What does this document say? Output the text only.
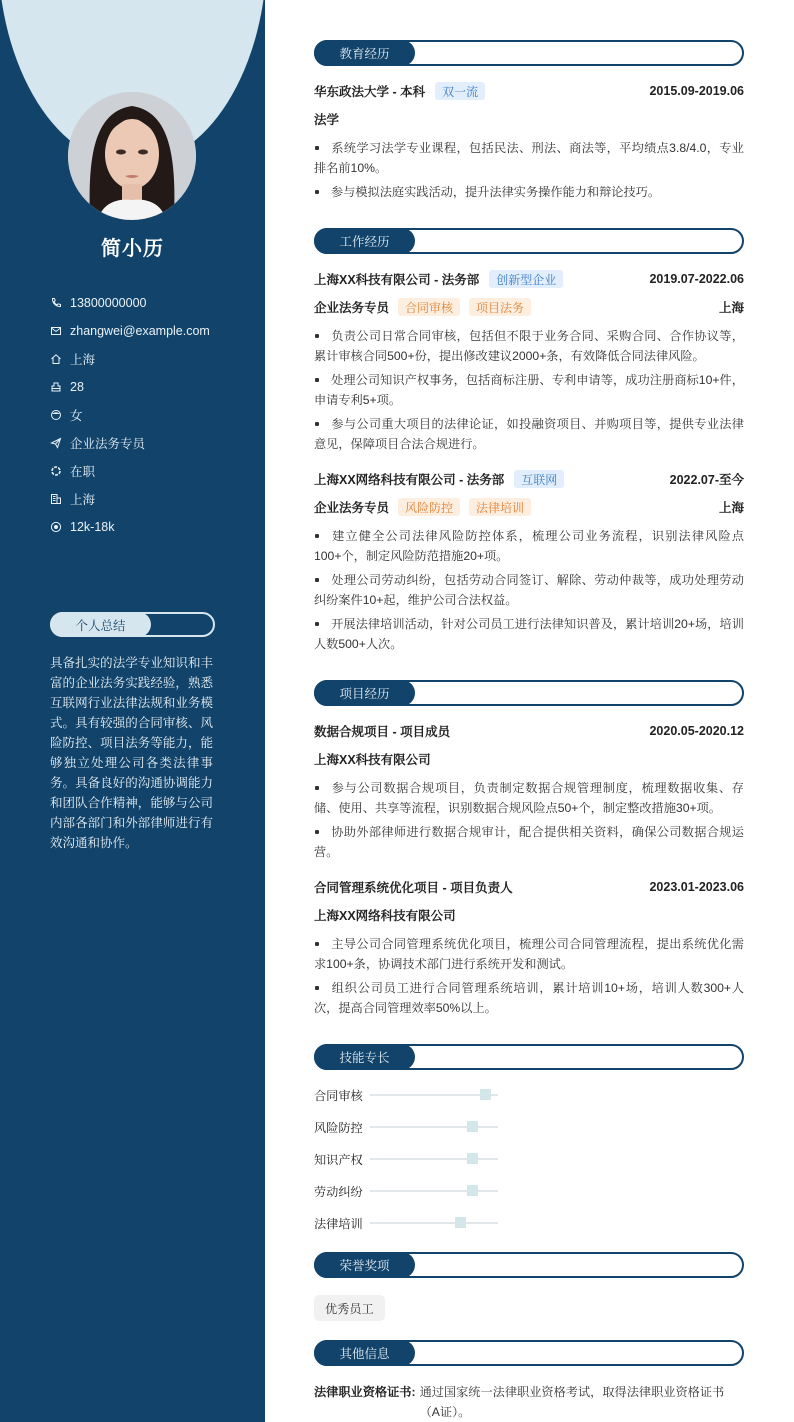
简小历
13800000000
zhangwei@example.com
上海
28
女
企业法务专员
在职
上海
12k-18k
个人总结

具备扎实的法学专业知识和丰富的企业法务实践经验，熟悉互联网行业法律法规和业务模式。具有较强的合同审核、风险防控、项目法务等能力，能够独立处理公司各类法律事务。具备良好的沟通协调能力和团队合作精神，能够与公司内部各部门和外部律师进行有效沟通和协作。

教育经历
华东政法大学 - 本科	双一流	2015.09-2019.06
法学

系统学习法学专业课程，包括民法、刑法、商法等，平均绩点3.8/4.0，专业排名前10%。

参与模拟法庭实践活动，提升法律实务操作能力和辩论技巧。

工作经历
上海XX科技有限公司 - 法务部	创新型企业	2019.07-2022.06
企业法务专员	合同审核	项目法务	上海

负责公司日常合同审核，包括但不限于业务合同、采购合同、合作协议等，累计审核合同500+份，提出修改建议2000+条，有效降低合同法律风险。

处理公司知识产权事务，包括商标注册、专利申请等，成功注册商标10+件，申请专利5+项。

参与公司重大项目的法律论证，如投融资项目、并购项目等，提供专业法律意见，保障项目合法合规进行。

上海XX网络科技有限公司 - 法务部	互联网	2022.07-至今
企业法务专员	风险防控	法律培训	上海

建立健全公司法律风险防控体系，梳理公司业务流程，识别法律风险点100+个，制定风险防范措施20+项。

处理公司劳动纠纷，包括劳动合同签订、解除、劳动仲裁等，成功处理劳动纠纷案件10+起，维护公司合法权益。

开展法律培训活动，针对公司员工进行法律知识普及，累计培训20+场，培训人数500+人次。

项目经历
数据合规项目 - 项目成员	2020.05-2020.12
上海XX科技有限公司

参与公司数据合规项目，负责制定数据合规管理制度，梳理数据收集、存储、使用、共享等流程，识别数据合规风险点50+个，制定整改措施30+项。

协助外部律师进行数据合规审计，配合提供相关资料，确保公司数据合规运营。

合同管理系统优化项目 - 项目负责人	2023.01-2023.06
上海XX网络科技有限公司

主导公司合同管理系统优化项目，梳理公司合同管理流程，提出系统优化需求100+条，协调技术部门进行系统开发和测试。

组织公司员工进行合同管理系统培训，累计培训10+场，培训人数300+人次，提高合同管理效率50%以上。

技能专长
合同审核
风险防控
知识产权
劳动纠纷
法律培训
荣誉奖项
优秀员工
其他信息
法律职业资格证书: 通过国家统一法律职业资格考试，取得法律职业资格证书（A证）。
